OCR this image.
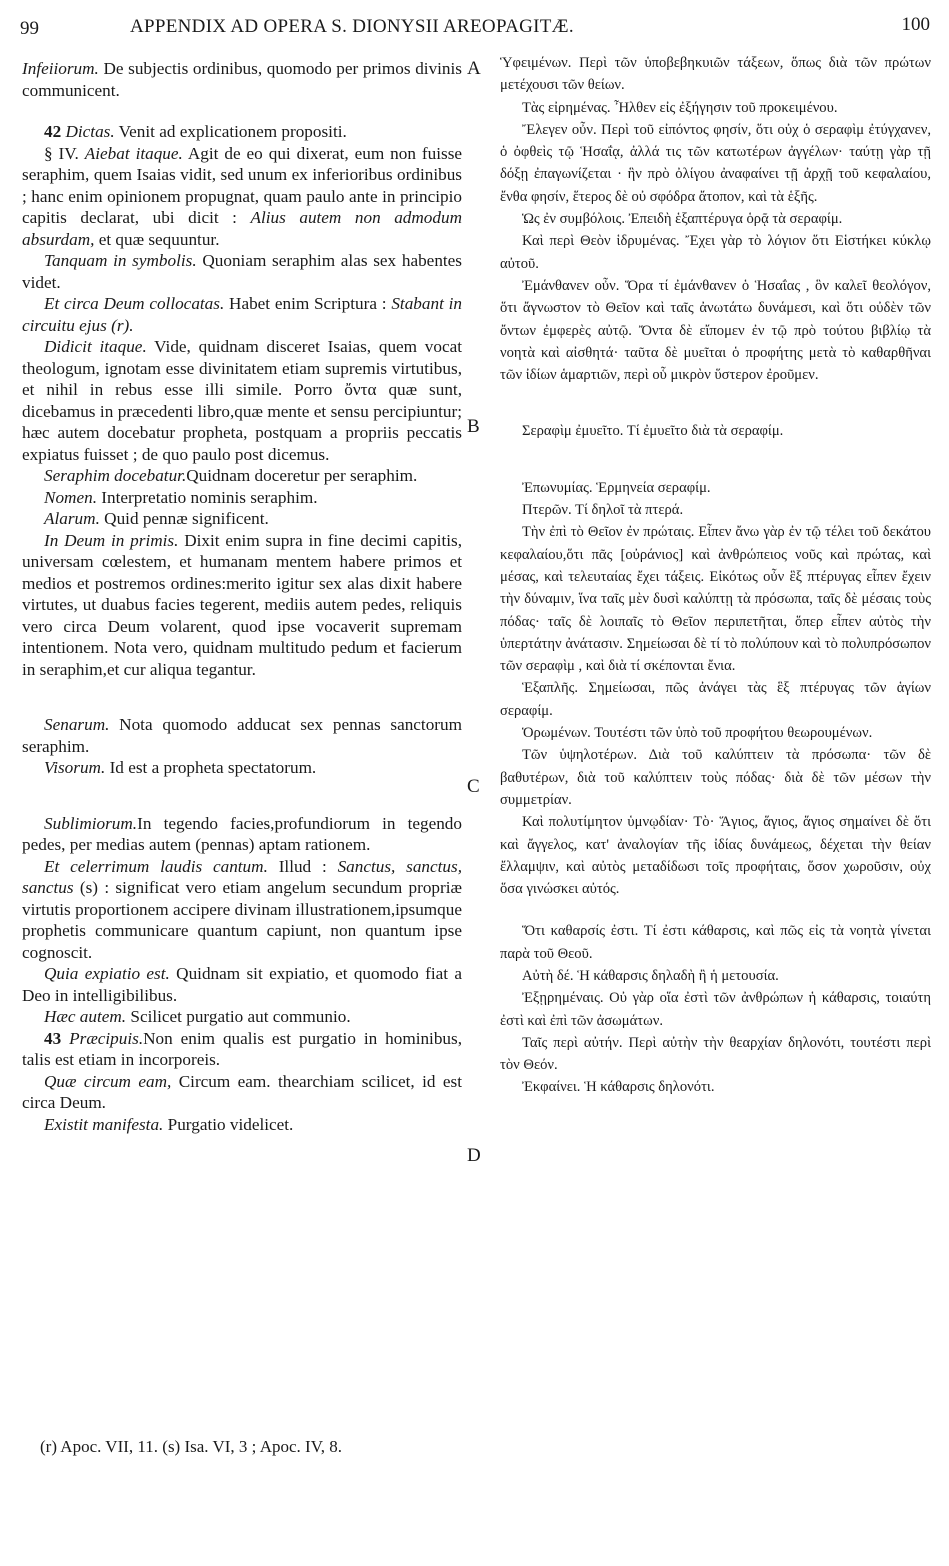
99	APPENDIX AD OPERA S. DIONYSII AREOPAGITÆ.	100
A
B
C
D

Infeiiorum. De subjectis ordinibus, quomodo per primos divinis communicent.

42 Dictas. Venit ad explicationem propositi.

§ IV. Aiebat itaque. Agit de eo qui dixerat, eum non fuisse seraphim, quem Isaias vidit, sed unum ex inferioribus ordinibus ; hanc enim opinionem propugnat, quam paulo ante in principio capitis declarat, ubi dicit : Alius autem non admodum absurdam, et quæ sequuntur.

Tanquam in symbolis. Quoniam seraphim alas sex habentes videt.

Et circa Deum collocatas. Habet enim Scriptura : Stabant in circuitu ejus (r).

Didicit itaque. Vide, quidnam disceret Isaias, quem vocat theologum, ignotam esse divinitatem etiam supremis virtutibus, et nihil in rebus esse illi simile. Porro ὄντα quæ sunt, dicebamus in præcedenti libro,quæ mente et sensu percipiuntur; hæc autem docebatur propheta, postquam a propriis peccatis expiatus fuisset ; de quo paulo post dicemus.

Seraphim docebatur.Quidnam doceretur per seraphim.

Nomen. Interpretatio nominis seraphim.

Alarum. Quid pennæ significent.

In Deum in primis. Dixit enim supra in fine decimi capitis, universam cœlestem, et humanam mentem habere primos et medios et postremos ordines:merito igitur sex alas dixit habere virtutes, ut duabus facies tegerent, mediis autem pedes, reliquis vero circa Deum volarent, quod ipse vocaverit supremam intentionem. Nota vero, quidnam multitudo pedum et facierum in seraphim,et cur aliqua tegantur.

Senarum. Nota quomodo adducat sex pennas sanctorum seraphim.

Visorum. Id est a propheta spectatorum.

Sublimiorum.In tegendo facies,profundiorum in tegendo pedes, per medias autem (pennas) aptam rationem.

Et celerrimum laudis cantum. Illud : Sanctus, sanctus, sanctus (s) : significat vero etiam angelum secundum propriæ virtutis proportionem accipere divinam illustrationem,ipsumque prophetis communicare quantum capiunt, non quantum ipse cognoscit.

Quia expiatio est. Quidnam sit expiatio, et quomodo fiat a Deo in intelligibilibus.

Hæc autem. Scilicet purgatio aut communio.

43 Præcipuis.Non enim qualis est purgatio in hominibus, talis est etiam in incorporeis.

Quæ circum eam, Circum eam. thearchiam scilicet, id est circa Deum.

Existit manifesta. Purgatio videlicet.

Ὑφειμένων. Περὶ τῶν ὑποβεβηκυιῶν τάξεων, ὅπως διὰ τῶν πρώτων μετέχουσι τῶν θείων.

Τὰς εἰρημένας. Ἦλθεν εἰς ἐξήγησιν τοῦ προκειμένου.

Ἔλεγεν οὖν. Περὶ τοῦ εἰπόντος φησίν, ὅτι οὐχ ὁ σεραφὶμ ἐτύγχανεν, ὁ ὀφθεὶς τῷ Ἡσαΐᾳ, ἀλλά τις τῶν κατωτέρων ἀγγέλων· ταύτῃ γὰρ τῇ δόξῃ ἐπαγωνίζεται · ἣν πρὸ ὀλίγου ἀναφαίνει τῇ ἀρχῇ τοῦ κεφαλαίου, ἔνθα φησίν, ἕτερος δὲ οὐ σφόδρα ἄτοπον, καὶ τὰ ἑξῆς.

Ὡς ἐν συμβόλοις. Ἐπειδὴ ἑξαπτέρυγα ὁρᾷ τὰ σεραφίμ.

Καὶ περὶ Θεὸν ἱδρυμένας. Ἔχει γὰρ τὸ λόγιον ὅτι Εἱστήκει κύκλῳ αὐτοῦ.

Ἐμάνθανεν οὖν. Ὅρα τί ἐμάνθανεν ὁ Ἡσαΐας , ὃν καλεῖ θεολόγον, ὅτι ἄγνωστον τὸ Θεῖον καὶ ταῖς ἀνωτάτω δυνάμεσι, καὶ ὅτι οὐδὲν τῶν ὄντων ἐμφερὲς αὐτῷ. Ὄντα δὲ εἴπομεν ἐν τῷ πρὸ τούτου βιβλίῳ τὰ νοητὰ καὶ αἰσθητά· ταῦτα δὲ μυεῖται ὁ προφήτης μετὰ τὸ καθαρθῆναι τῶν ἰδίων ἁμαρτιῶν, περὶ οὗ μικρὸν ὕστερον ἐροῦμεν.

Σεραφὶμ ἐμυεῖτο. Τί ἐμυεῖτο διὰ τὰ σεραφίμ.

Ἐπωνυμίας. Ἑρμηνεία σεραφίμ.

Πτερῶν. Τί δηλοῖ τὰ πτερά.

Τὴν ἐπὶ τὸ Θεῖον ἐν πρώταις. Εἶπεν ἄνω γὰρ ἐν τῷ τέλει τοῦ δεκάτου κεφαλαίου,ὅτι πᾶς [οὐράνιος] καὶ ἀνθρώπειος νοῦς καὶ πρώτας, καὶ μέσας, καὶ τελευταίας ἔχει τάξεις. Εἰκότως οὖν ἓξ πτέρυγας εἶπεν ἔχειν τὴν δύναμιν, ἵνα ταῖς μὲν δυσὶ καλύπτῃ τὰ πρόσωπα, ταῖς δὲ μέσαις τοὺς πόδας· ταῖς δὲ λοιπαῖς τὸ Θεῖον περιπετῆται, ὅπερ εἶπεν αὐτὸς τὴν ὑπερτάτην ἀνάτασιν. Σημείωσαι δὲ τί τὸ πολύπουν καὶ τὸ πολυπρόσωπον τῶν σεραφὶμ , καὶ διὰ τί σκέπονται ἔνια.

Ἑξαπλῆς. Σημείωσαι, πῶς ἀνάγει τὰς ἓξ πτέρυγας τῶν ἁγίων σεραφίμ.

Ὁρωμένων. Τουτέστι τῶν ὑπὸ τοῦ προφήτου θεωρουμένων.

Τῶν ὑψηλοτέρων. Διὰ τοῦ καλύπτειν τὰ πρόσωπα· τῶν δὲ βαθυτέρων, διὰ τοῦ καλύπτειν τοὺς πόδας· διὰ δὲ τῶν μέσων τὴν συμμετρίαν.

Καὶ πολυτίμητον ὑμνῳδίαν· Τὸ· Ἅγιος, ἅγιος, ἅγιος σημαίνει δὲ ὅτι καὶ ἄγγελος, κατ' ἀναλογίαν τῆς ἰδίας δυνάμεως, δέχεται τὴν θείαν ἔλλαμψιν, καὶ αὐτὸς μεταδίδωσι τοῖς προφήταις, ὅσον χωροῦσιν, οὐχ ὅσα γινώσκει αὐτός.

Ὅτι καθαρσίς ἐστι. Τί ἐστι κάθαρσις, καὶ πῶς εἰς τὰ νοητὰ γίνεται παρὰ τοῦ Θεοῦ.

Αὐτὴ δέ. Ἡ κάθαρσις δηλαδὴ ἢ ἡ μετουσία.

Ἐξῃρημέναις. Οὐ γὰρ οἵα ἐστὶ τῶν ἀνθρώπων ἡ κάθαρσις, τοιαύτη ἐστὶ καὶ ἐπὶ τῶν ἀσωμάτων.

Ταῖς περὶ αὐτήν. Περὶ αὐτὴν τὴν θεαρχίαν δηλονότι, τουτέστι περὶ τὸν Θεόν.

Ἐκφαίνει. Ἡ κάθαρσις δηλονότι.

(r) Apoc. VII, 11. (s) Isa. VI, 3 ; Apoc. IV, 8.
